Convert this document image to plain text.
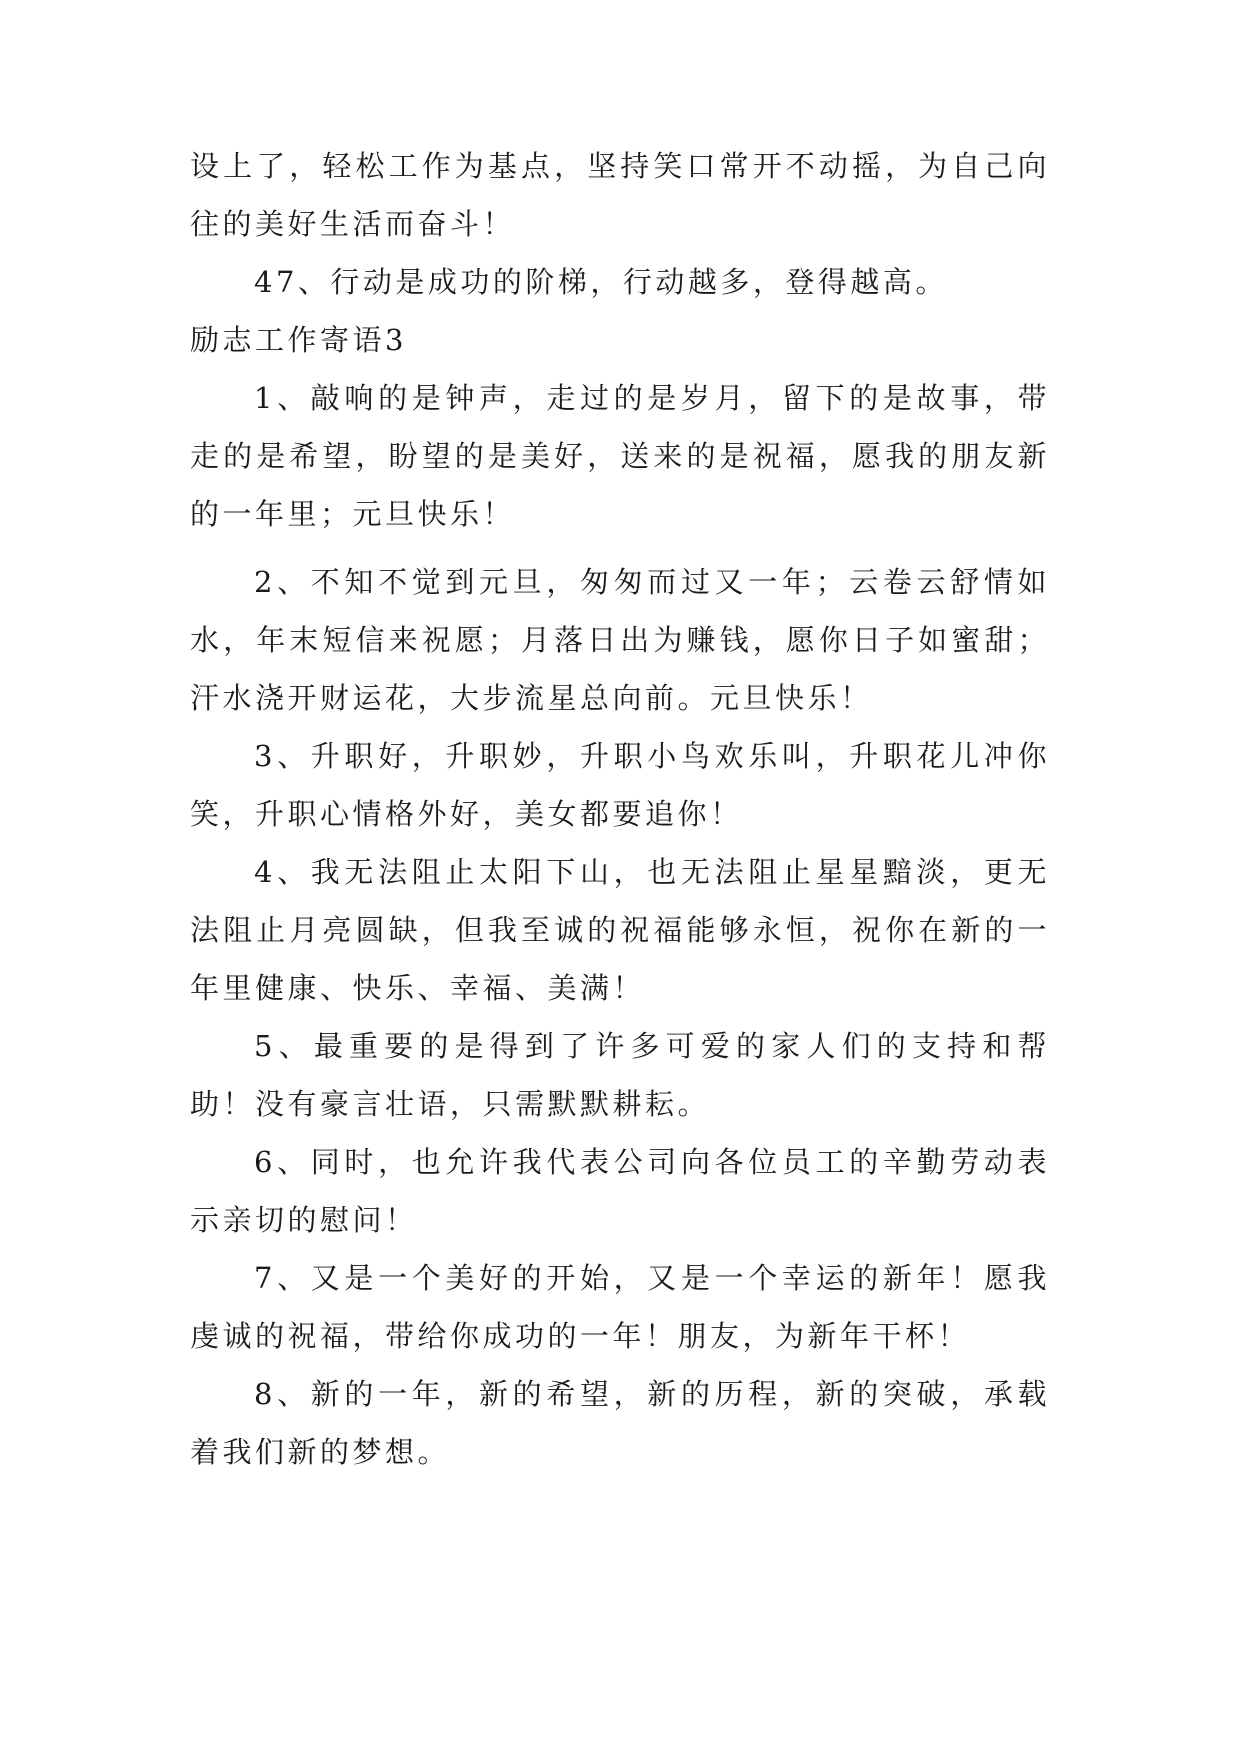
设上了，轻松工作为基点，坚持笑口常开不动摇，为自己向往的美好生活而奋斗！

47、行动是成功的阶梯，行动越多，登得越高。

励志工作寄语3

1、敲响的是钟声，走过的是岁月，留下的是故事，带走的是希望，盼望的是美好，送来的是祝福，愿我的朋友新的一年里；元旦快乐！

2、不知不觉到元旦，匆匆而过又一年；云卷云舒情如水，年末短信来祝愿；月落日出为赚钱，愿你日子如蜜甜；汗水浇开财运花，大步流星总向前。元旦快乐！

3、升职好，升职妙，升职小鸟欢乐叫，升职花儿冲你笑，升职心情格外好，美女都要追你！

4、我无法阻止太阳下山，也无法阻止星星黯淡，更无法阻止月亮圆缺，但我至诚的祝福能够永恒，祝你在新的一年里健康、快乐、幸福、美满！

5、最重要的是得到了许多可爱的家人们的支持和帮助！没有豪言壮语，只需默默耕耘。

6、同时，也允许我代表公司向各位员工的辛勤劳动表示亲切的慰问！

7、又是一个美好的开始，又是一个幸运的新年！愿我虔诚的祝福，带给你成功的一年！朋友，为新年干杯！

8、新的一年，新的希望，新的历程，新的突破，承载着我们新的梦想。
